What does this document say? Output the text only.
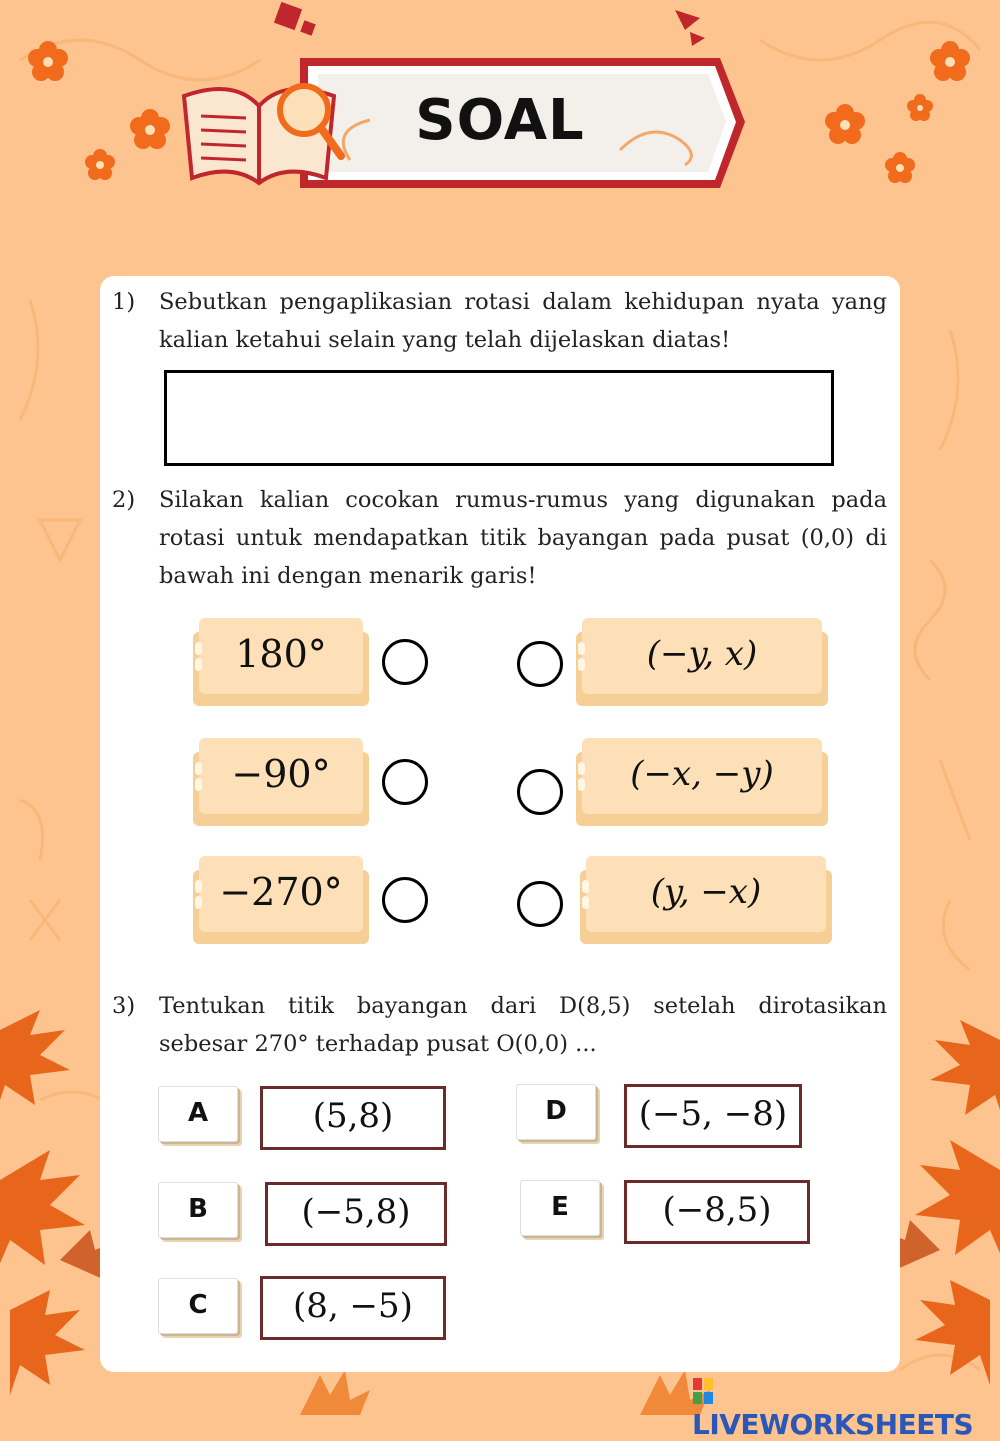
SOAL
1)	Sebutkan pengaplikasian rotasi dalam kehidupan nyata yang kalian ketahui selain yang telah dijelaskan diatas!
2)	Silakan kalian cocokan rumus-rumus yang digunakan pada rotasi untuk mendapatkan titik bayangan pada pusat (0,0) di bawah ini dengan menarik garis!
180°
−90°
−270°
(−y, x)
(−x, −y)
(y, −x)
3)	Tentukan titik bayangan dari D(8,5) setelah dirotasikan sebesar 270° terhadap pusat O(0,0) ...
A	(5,8)
B	(−5,8)
C	(8, −5)
D	(−5, −8)
E	(−8,5)
LIVEWORKSHEETS
